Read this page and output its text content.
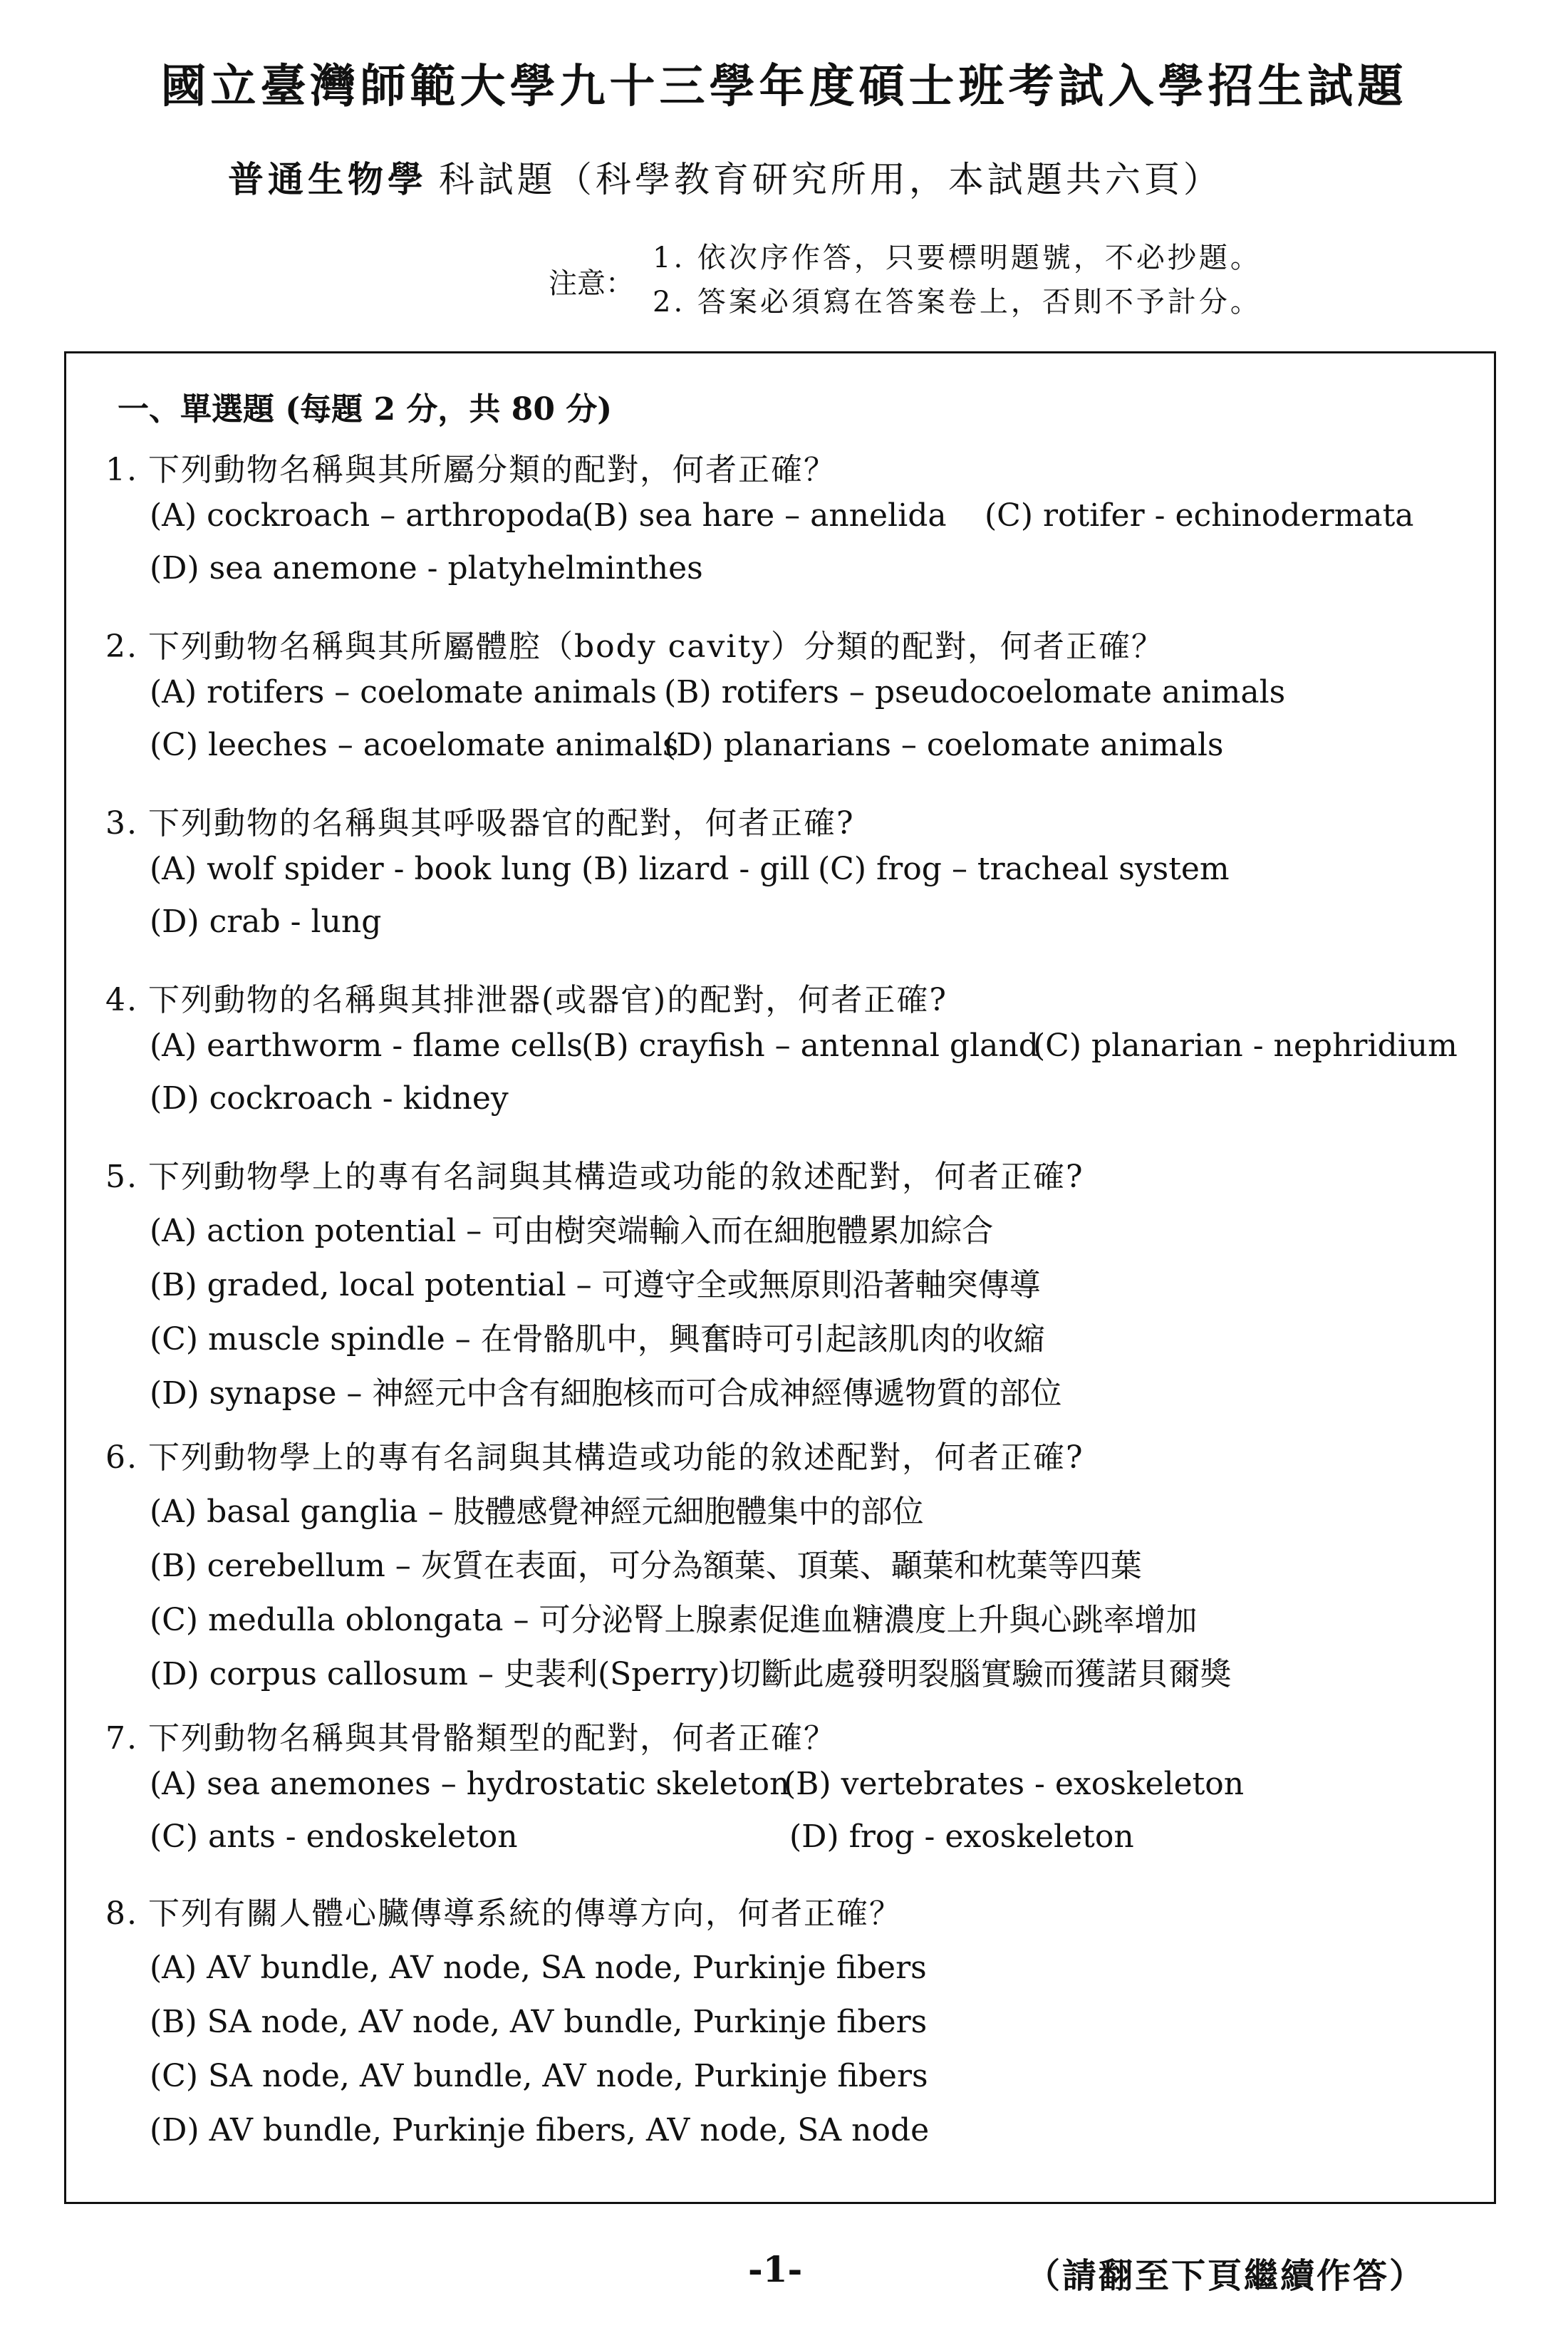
國立臺灣師範大學九十三學年度碩士班考試入學招生試題
普通生物學 科試題（科學教育研究所用，本試題共六頁）
注意：
1. 依次序作答，只要標明題號，不必抄題。
2. 答案必須寫在答案卷上，否則不予計分。
一、單選題 (每題 2 分，共 80 分)
1. 下列動物名稱與其所屬分類的配對，何者正確？
(A) cockroach – arthropoda
(B) sea hare – annelida (C) rotifer - echinodermata
(D) sea anemone - platyhelminthes
2. 下列動物名稱與其所屬體腔（body cavity）分類的配對，何者正確？
(A) rotifers – coelomate animals (B) rotifers – pseudocoelomate animals
(C) leeches – acoelomate animals
(D) planarians – coelomate animals
3. 下列動物的名稱與其呼吸器官的配對，何者正確?
(A) wolf spider - book lung (B) lizard - gill (C) frog – tracheal system
(D) crab - lung
4. 下列動物的名稱與其排泄器(或器官)的配對，何者正確?
(A) earthworm - flame cells
(B) crayfish – antennal gland
(C) planarian - nephridium
(D) cockroach - kidney
5. 下列動物學上的專有名詞與其構造或功能的敘述配對，何者正確?
(A) action potential – 可由樹突端輸入而在細胞體累加綜合
(B) graded, local potential – 可遵守全或無原則沿著軸突傳導
(C) muscle spindle – 在骨骼肌中，興奮時可引起該肌肉的收縮
(D) synapse – 神經元中含有細胞核而可合成神經傳遞物質的部位
6. 下列動物學上的專有名詞與其構造或功能的敘述配對，何者正確?
(A) basal ganglia – 肢體感覺神經元細胞體集中的部位
(B) cerebellum – 灰質在表面，可分為額葉、頂葉、顳葉和枕葉等四葉
(C) medulla oblongata – 可分泌腎上腺素促進血糖濃度上升與心跳率增加
(D) corpus callosum – 史裴利(Sperry)切斷此處發明裂腦實驗而獲諾貝爾獎
7. 下列動物名稱與其骨骼類型的配對，何者正確？
(A) sea anemones – hydrostatic skeleton
(B) vertebrates - exoskeleton
(C) ants - endoskeleton	(D) frog - exoskeleton
8. 下列有關人體心臟傳導系統的傳導方向，何者正確？
(A) AV bundle, AV node, SA node, Purkinje fibers
(B) SA node, AV node, AV bundle, Purkinje fibers
(C) SA node, AV bundle, AV node, Purkinje fibers
(D) AV bundle, Purkinje fibers, AV node, SA node
-1-	（請翻至下頁繼續作答）
